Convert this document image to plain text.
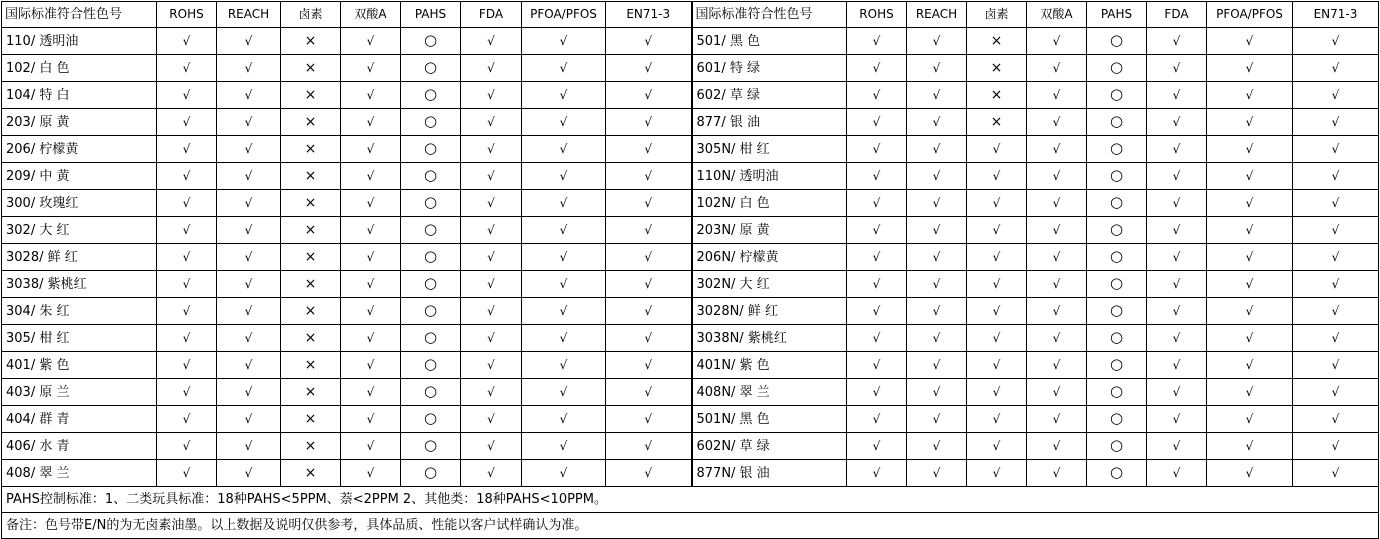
国际标准符合性色号	ROHS	REACH	卤素	双酸A	PAHS	FDA	PFOA/PFOS	EN71-3	国际标准符合性色号	ROHS	REACH	卤素	双酸A	PAHS	FDA	PFOA/PFOS	EN71-3
110/ 透明油	√	√	×	√	○	√	√	√	501/ 黑 色	√	√	×	√	○	√	√	√
102/ 白 色	√	√	×	√	○	√	√	√	601/ 特 绿	√	√	×	√	○	√	√	√
104/ 特 白	√	√	×	√	○	√	√	√	602/ 草 绿	√	√	×	√	○	√	√	√
203/ 原 黄	√	√	×	√	○	√	√	√	877/ 银 油	√	√	×	√	○	√	√	√
206/ 柠檬黄	√	√	×	√	○	√	√	√	305N/ 柑 红	√	√	√	√	○	√	√	√
209/ 中 黄	√	√	×	√	○	√	√	√	110N/ 透明油	√	√	√	√	○	√	√	√
300/ 玫瑰红	√	√	×	√	○	√	√	√	102N/ 白 色	√	√	√	√	○	√	√	√
302/ 大 红	√	√	×	√	○	√	√	√	203N/ 原 黄	√	√	√	√	○	√	√	√
3028/ 鲜 红	√	√	×	√	○	√	√	√	206N/ 柠檬黄	√	√	√	√	○	√	√	√
3038/ 紫桃红	√	√	×	√	○	√	√	√	302N/ 大 红	√	√	√	√	○	√	√	√
304/ 朱 红	√	√	×	√	○	√	√	√	3028N/ 鲜 红	√	√	√	√	○	√	√	√
305/ 柑 红	√	√	×	√	○	√	√	√	3038N/ 紫桃红	√	√	√	√	○	√	√	√
401/ 紫 色	√	√	×	√	○	√	√	√	401N/ 紫 色	√	√	√	√	○	√	√	√
403/ 原 兰	√	√	×	√	○	√	√	√	408N/ 翠 兰	√	√	√	√	○	√	√	√
404/ 群 青	√	√	×	√	○	√	√	√	501N/ 黑 色	√	√	√	√	○	√	√	√
406/ 水 青	√	√	×	√	○	√	√	√	602N/ 草 绿	√	√	√	√	○	√	√	√
408/ 翠 兰	√	√	×	√	○	√	√	√	877N/ 银 油	√	√	√	√	○	√	√	√
PAHS控制标准：1、二类玩具标准：18种PAHS<5PPM、萘<2PPM 2、其他类：18种PAHS<10PPM。																	
备注：色号带E/N的为无卤素油墨。以上数据及说明仅供参考，具体品质、性能以客户试样确认为准。																	
